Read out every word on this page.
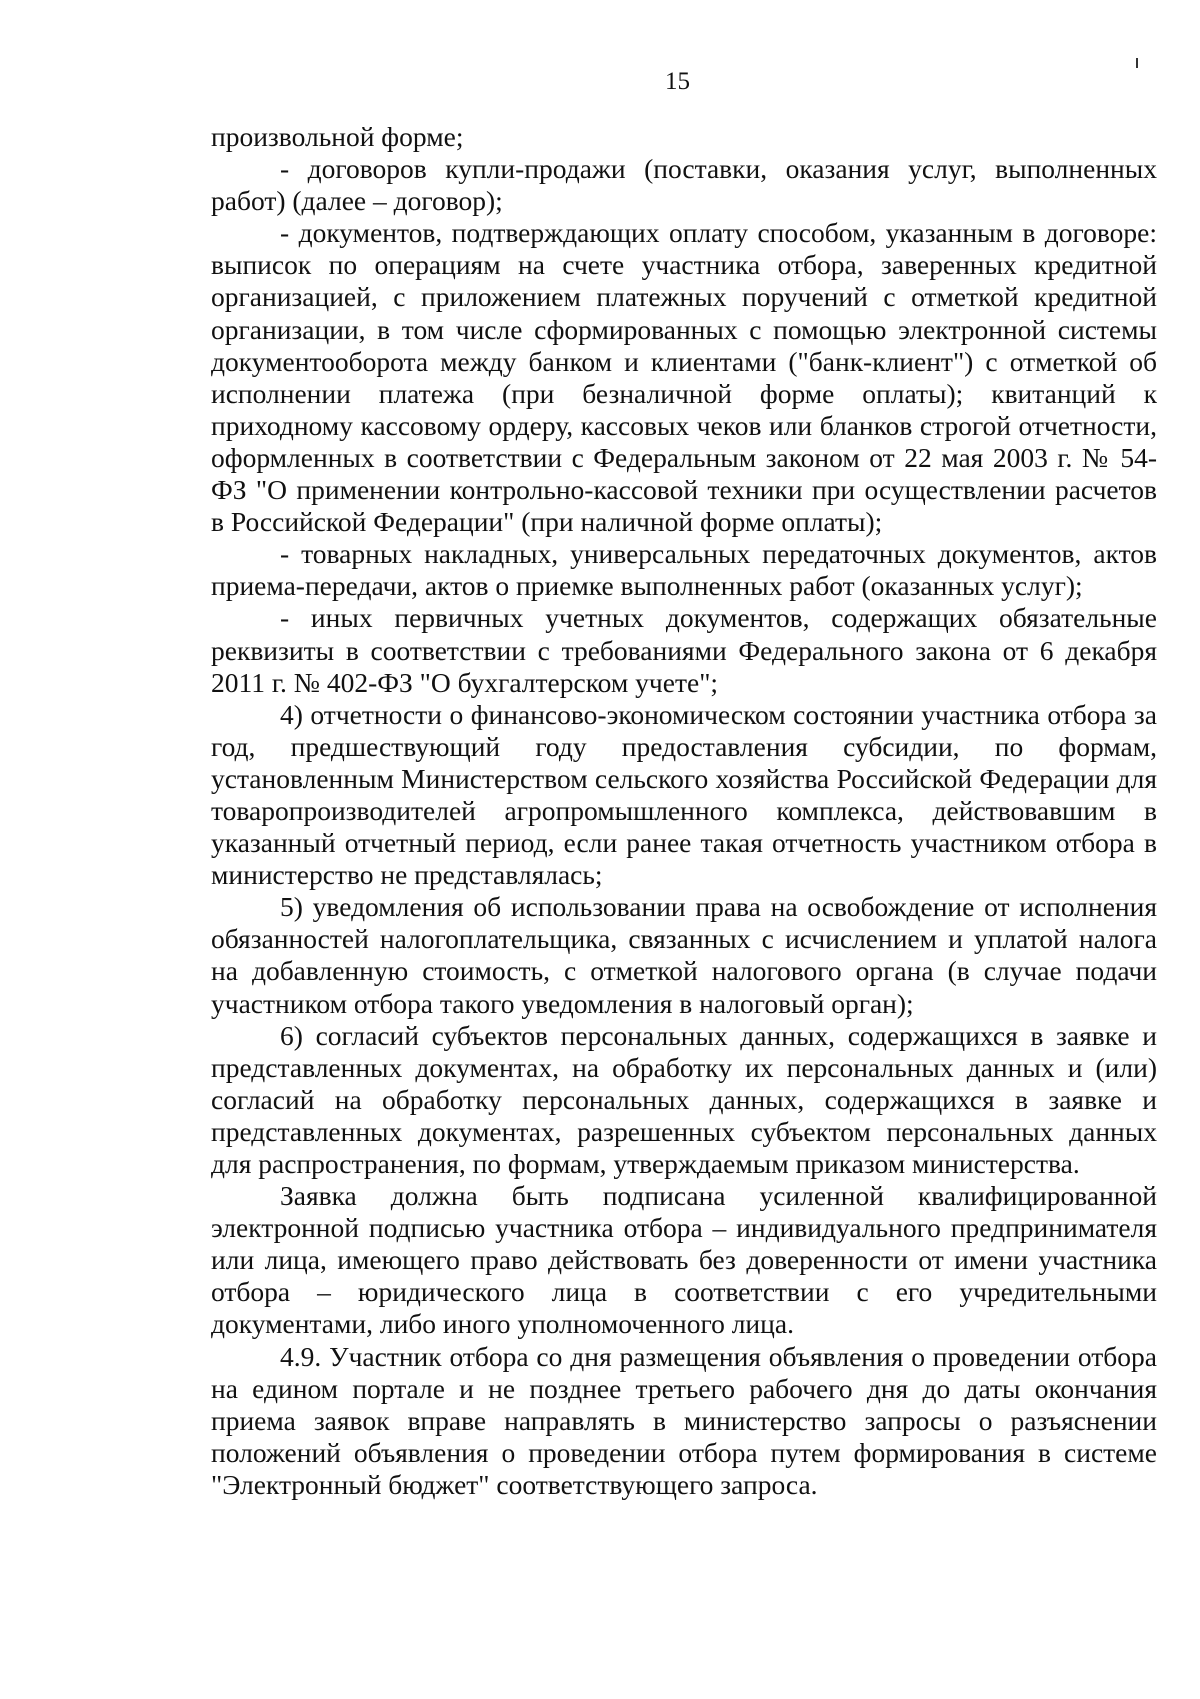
15

произвольной форме;

- договоров купли-продажи (поставки, оказания услуг, выполненных работ) (далее – договор);

- документов, подтверждающих оплату способом, указанным в договоре: выписок по операциям на счете участника отбора, заверенных кредитной организацией, с приложением платежных поручений с отметкой кредитной организации, в том числе сформированных с помощью электронной системы документооборота между банком и клиентами ("банк-клиент") с отметкой об исполнении платежа (при безналичной форме оплаты); квитанций к приходному кассовому ордеру, кассовых чеков или бланков строгой отчетности, оформленных в соответствии с Федеральным законом от 22 мая 2003 г. № 54-ФЗ "О применении контрольно-кассовой техники при осуществлении расчетов в Российской Федерации" (при наличной форме оплаты);

- товарных накладных, универсальных передаточных документов, актов приема-передачи, актов о приемке выполненных работ (оказанных услуг);

- иных первичных учетных документов, содержащих обязательные реквизиты в соответствии с требованиями Федерального закона от 6 декабря 2011 г. № 402-ФЗ "О бухгалтерском учете";

4) отчетности о финансово-экономическом состоянии участника отбора за год, предшествующий году предоставления субсидии, по формам, установленным Министерством сельского хозяйства Российской Федерации для товаропроизводителей агропромышленного комплекса, действовавшим в указанный отчетный период, если ранее такая отчетность участником отбора в министерство не представлялась;

5) уведомления об использовании права на освобождение от исполнения обязанностей налогоплательщика, связанных с исчислением и уплатой налога на добавленную стоимость, с отметкой налогового органа (в случае подачи участником отбора такого уведомления в налоговый орган);

6) согласий субъектов персональных данных, содержащихся в заявке и представленных документах, на обработку их персональных данных и (или) согласий на обработку персональных данных, содержащихся в заявке и представленных документах, разрешенных субъектом персональных данных для распространения, по формам, утверждаемым приказом министерства.

Заявка должна быть подписана усиленной квалифицированной электронной подписью участника отбора – индивидуального предпринимателя или лица, имеющего право действовать без доверенности от имени участника отбора – юридического лица в соответствии с его учредительными документами, либо иного уполномоченного лица.

4.9. Участник отбора со дня размещения объявления о проведении отбора на едином портале и не позднее третьего рабочего дня до даты окончания приема заявок вправе направлять в министерство запросы о разъяснении положений объявления о проведении отбора путем формирования в системе "Электронный бюджет" соответствующего запроса.
